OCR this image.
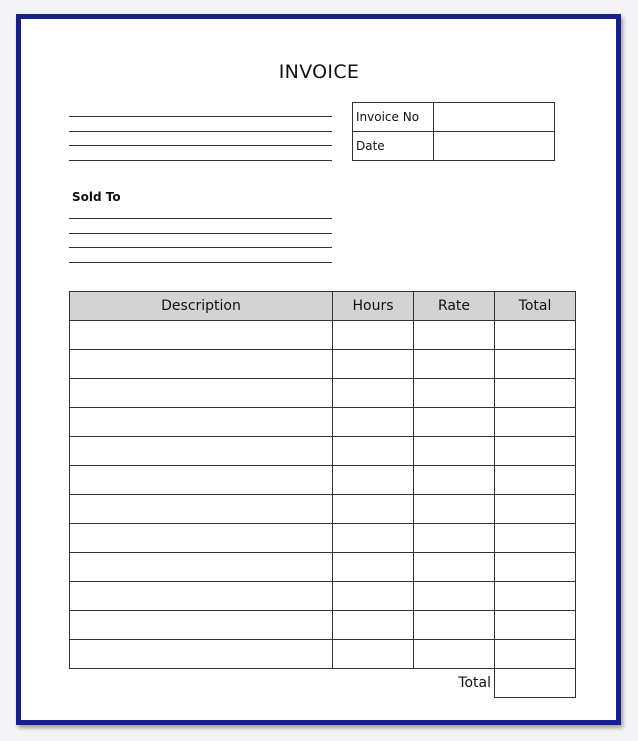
INVOICE
Invoice No	
Date	
Sold To
Description	Hours	Rate	Total

Total			
